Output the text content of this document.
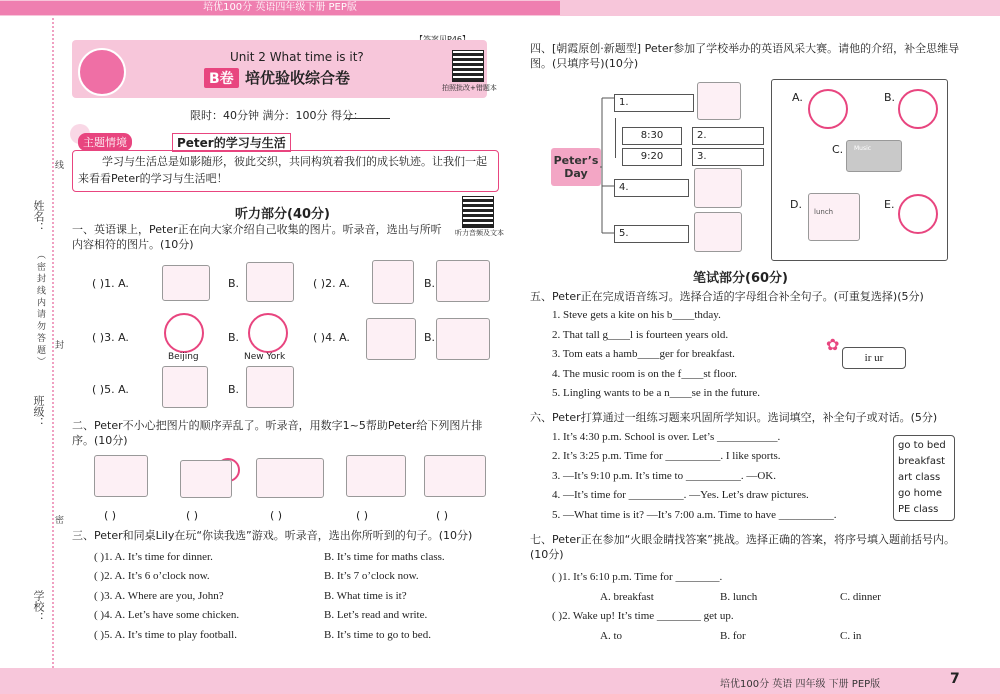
培优100分 英语四年级下册 PEP版
培优100分 英语 四年级 下册 PEP版	7
姓名：
线
（ 密 封 线 内 请 勿 答 题 ） 封
班级：
密
学校：
Unit 2 What time is it?
B卷 培优验收综合卷
拍照批改+错题本
限时：40分钟 满分：100分 得分：
主题情境	Peter的学习与生活
学习与生活总是如影随形，彼此交织，共同构筑着我们的成长轨迹。让我们一起来看看Peter的学习与生活吧！
听力部分(40分)
听力音频及文本
一、英语课上，Peter正在向大家介绍自己收集的图片。听录音，选出与所听内容相符的图片。(10分)
( )1. A.	B.	( )2. A.	B.
( )3. A.
Beijing
B.
New York
( )4. A.	B.
( )5. A.	B.
二、Peter不小心把图片的顺序弄乱了。听录音，用数字1~5帮助Peter给下列图片排序。(10分)
( )	( )	( )	( )	( )
三、Peter和同桌Lily在玩“你读我选”游戏。听录音，选出你所听到的句子。(10分)
( )1. A. It’s time for dinner.	B. It’s time for maths class.
( )2. A. It’s 6 o’clock now.	B. It’s 7 o’clock now.
( )3. A. Where are you, John?	B. What time is it?
( )4. A. Let’s have some chicken.	B. Let’s read and write.
( )5. A. It’s time to play football.	B. It’s time to go to bed.
四、[朝霞原创·新题型] Peter参加了学校举办的英语风采大赛。请他的介绍，补全思维导图。(只填序号)(10分)
Peter’s Day
1.
8:30
9:20
2.
3.
4.
5.
A.	B.
C. Music
D.
lunch
E.
笔试部分(60分)
五、Peter正在完成语音练习。选择合适的字母组合补全句子。(可重复选择)(5分)
1. Steve gets a kite on his b____thday.
2. That tall g____l is fourteen years old.
3. Tom eats a hamb____ger for breakfast.
4. The music room is on the f____st floor.
5. Lingling wants to be a n____se in the future.
✿
ir ur
六、Peter打算通过一组练习题来巩固所学知识。选词填空，补全句子或对话。(5分)
1. It’s 4:30 p.m. School is over. Let’s ___________.
2. It’s 3:25 p.m. Time for __________. I like sports.
3. —It’s 9:10 p.m. It’s time to __________. —OK.
4. —It’s time for __________. —Yes. Let’s draw pictures.
5. —What time is it? —It’s 7:00 a.m. Time to have __________.
go to bed
breakfast
art class
go home
PE class
七、Peter正在参加“火眼金睛找答案”挑战。选择正确的答案，将序号填入题前括号内。(10分)
( )1. It’s 6:10 p.m. Time for ________.
A. breakfast	B. lunch	C. dinner
( )2. Wake up! It’s time ________ get up.
A. to	B. for	C. in
